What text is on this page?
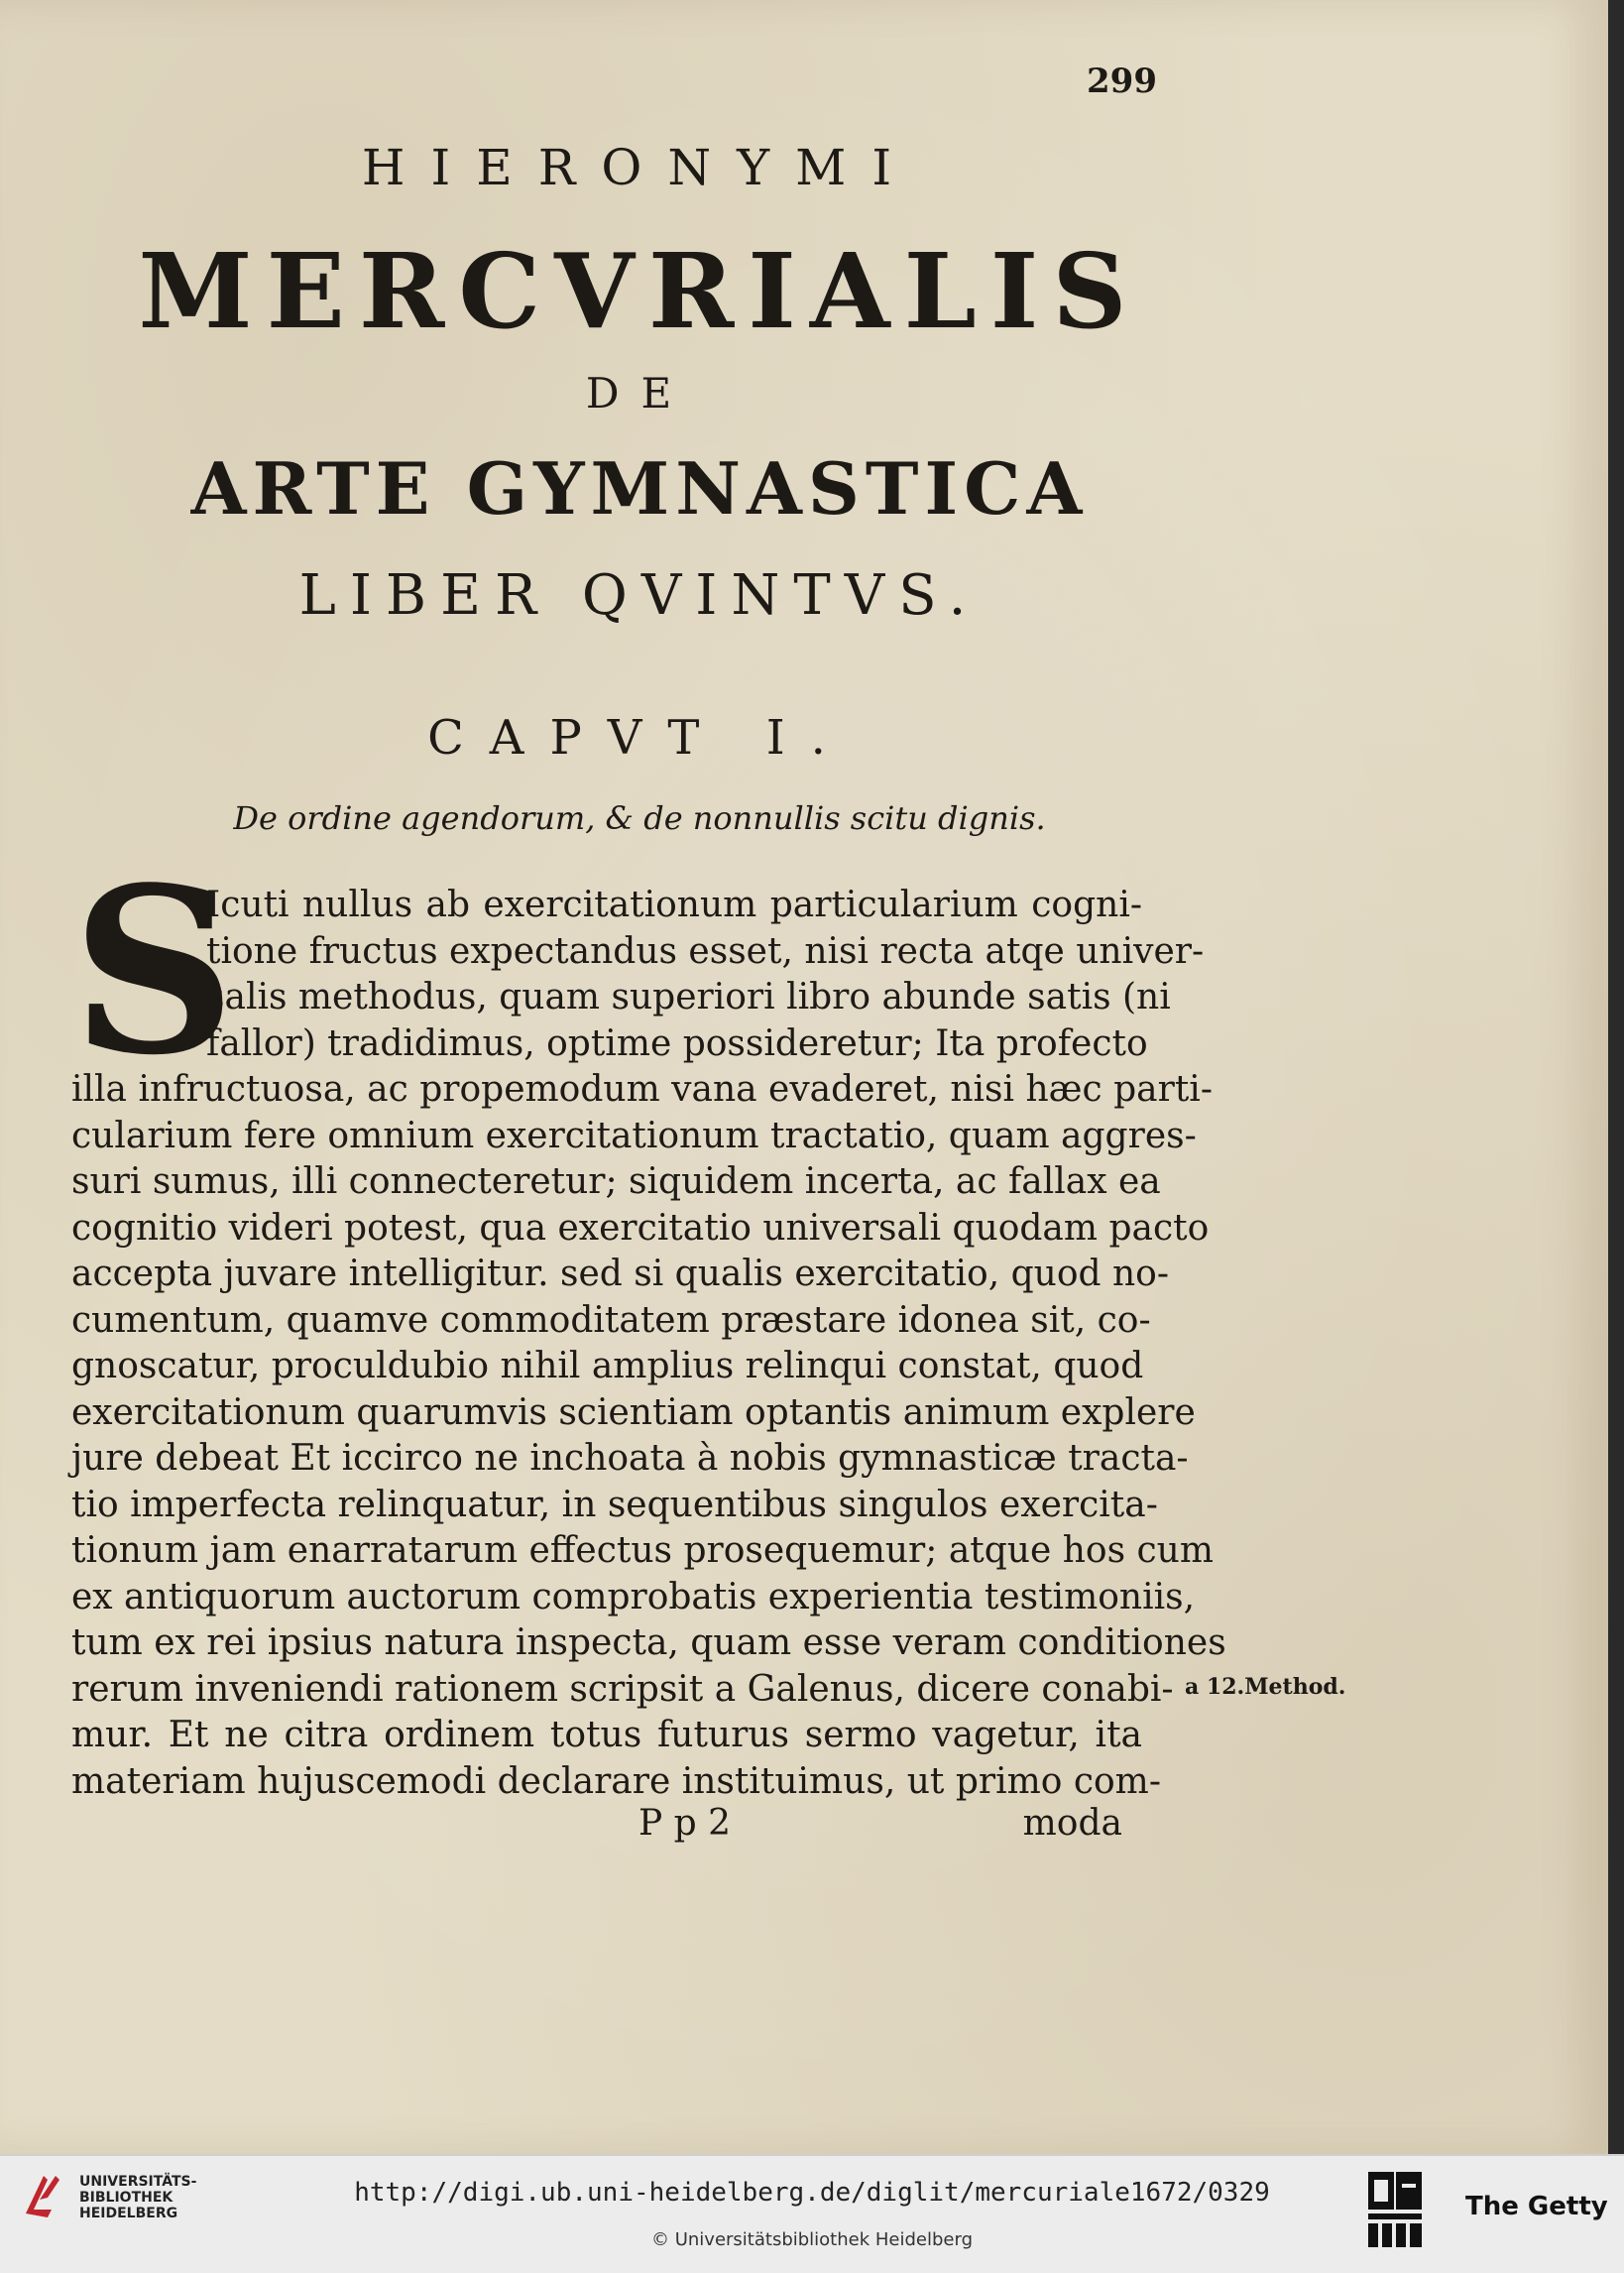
299
HIERONYMI
MERCVRIALIS
DE
ARTE GYMNASTICA
LIBER QVINTVS.
CAPVT I.
De ordine agendorum, & de nonnullis scitu dignis.
S
Icuti nullus ab exercitationum particularium cogni-
tione fructus expectandus esset, nisi recta atqe univer-
salis methodus, quam superiori libro abunde satis (ni
fallor) tradidimus, optime possideretur; Ita profecto
illa infructuosa, ac propemodum vana evaderet, nisi hæc parti-
cularium fere omnium exercitationum tractatio, quam aggres-
suri sumus, illi connecteretur; siquidem incerta, ac fallax ea
cognitio videri potest, qua exercitatio universali quodam pacto
accepta juvare intelligitur. sed si qualis exercitatio, quod no-
cumentum, quamve commoditatem præstare idonea sit, co-
gnoscatur, proculdubio nihil amplius relinqui constat, quod
exercitationum quarumvis scientiam optantis animum explere
jure debeat Et iccirco ne inchoata à nobis gymnasticæ tracta-
tio imperfecta relinquatur, in sequentibus singulos exercita-
tionum jam enarratarum effectus prosequemur; atque hos cum
ex antiquorum auctorum comprobatis experientia testimoniis,
tum ex rei ipsius natura inspecta, quam esse veram conditiones
rerum inveniendi rationem scripsit a Galenus, dicere conabi-
mur. Et ne citra ordinem totus futurus sermo vagetur, ita
materiam hujuscemodi declarare instituimus, ut primo com-
a 12.Method.
P p 2	moda
UNIVERSITÄTS-
BIBLIOTHEK
HEIDELBERG
http://digi.ub.uni-heidelberg.de/diglit/mercuriale1672/0329
© Universitätsbibliothek Heidelberg
The Getty
